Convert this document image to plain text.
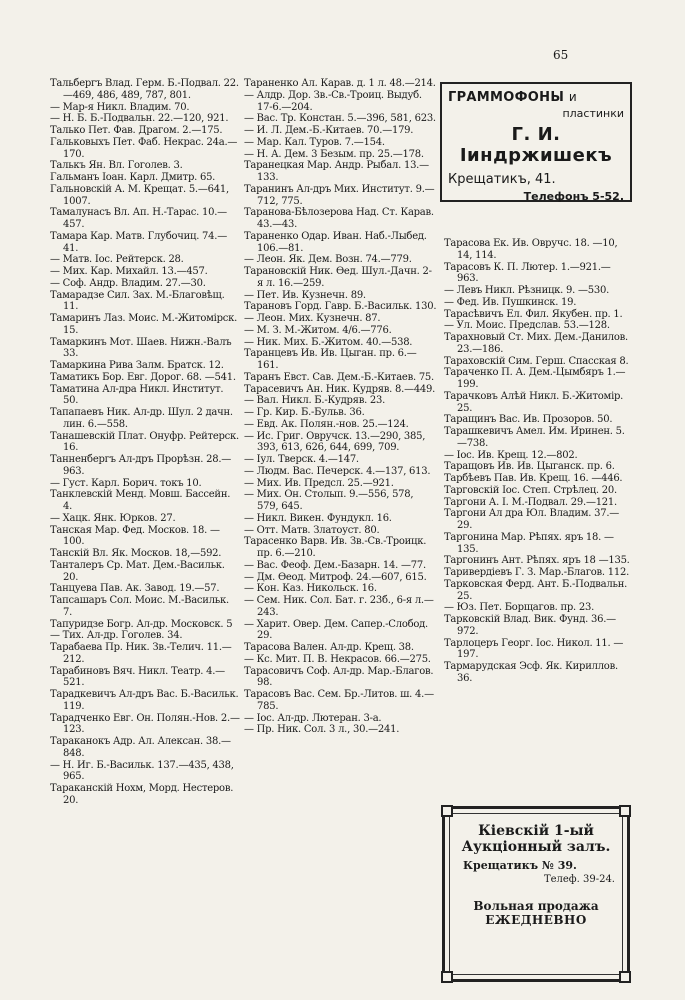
65
Тальбергъ Влад. Герм. Б.-Подвал. 22.—469, 486, 489, 787, 801.
— Мар-я Никл. Владим. 70.
— Н. Б. Б.-Подвальн. 22.—120, 921.
Талько Пет. Фав. Драгом. 2.—175.
Гальковыхъ Пет. Фаб. Некрас. 24а.—170.
Талькъ Ян. Вл. Гоголев. 3.
Гальманъ Іоан. Карл. Дмитр. 65.
Гальновскій А. М. Крещат. 5.—641, 1007.
Тамалунасъ Вл. Ап. Н.-Тарас. 10.—457.
Тамара Кар. Матв. Глубочиц. 74.—41.
— Матв. Іос. Рейтерск. 28.
— Мих. Кар. Михайл. 13.—457.
— Соф. Андр. Владим. 27.—30.
Тамарадзе Сил. Зах. М.-Благовѣщ. 11.
Тамаринъ Лаз. Моис. М.-Житомірск. 15.
Тамаркинъ Мот. Шаев. Нижн.-Валъ 33.
Тамаркина Рива Залм. Братск. 12.
Таматикъ Бор. Евг. Дорог. 68. —541.
Таматина Ал-дра Никл. Институт. 50.
Тапапаевъ Ник. Ал-др. Шул. 2 дачн. лин. 6.—558.
Танашевскій Плат. Онуфр. Рейтерск. 16.
Танненбергъ Ал-дръ Прорѣзн. 28.—963.
— Густ. Карл. Борич. токъ 10.
Танклевскій Менд. Мовш. Бассейн. 4.
— Хацк. Янк. Юрков. 27.
Танская Мар. Фед. Москов. 18. —100.
Танскій Вл. Як. Москов. 18,—592.
Танталеръ Ср. Мат. Дем.-Васильк. 20.
Танцуева Пав. Ак. Завод. 19.—57.
Тапсашаръ Сол. Моис. М.-Васильк. 7.
Тапуридзе Богр. Ал-др. Московск. 5
— Тих. Ал-др. Гоголев. 34.
Тарабаева Пр. Ник. Зв.-Телич. 11.—212.
Тарабиновъ Вяч. Никл. Театр. 4.—521.
Тарадкевичъ Ал-дръ Вас. Б.-Васильк. 119.
Тарадченко Евг. Он. Полян.-Нов. 2.—123.
Тараканокъ Адр. Ал. Алексан. 38.—848.
— Н. Иг. Б.-Васильк. 137.—435, 438, 965.
Тараканскій Нохм, Морд. Нестеров. 20.
Тараненко Ал. Карав. д. 1 л. 48.—214.
— Алдр. Дор. Зв.-Св.-Троиц. Выдуб. 17-6.—204.
— Вас. Тр. Констан. 5.—396, 581, 623.
— И. Л. Дем.-Б.-Китаев. 70.—179.
— Мар. Кал. Туров. 7.—154.
— Н. А. Дем. 3 Безым. пр. 25.—178.
Таранецкая Мар. Андр. Рыбал. 13.—133.
Таранинъ Ал-дръ Мих. Институт. 9.—712, 775.
Таранова-Бѣлозерова Над. Ст. Карав. 43.—43.
Тараненко Одар. Иван. Наб.-Лыбед. 106.—81.
— Леон. Як. Дем. Возн. 74.—779.
Тарановскій Ник. Ѳед. Шул.-Дачн. 2-я л. 16.—259.
— Пет. Ив. Кузнечн. 89.
Тарановъ Горд. Гавр. Б.-Васильк. 130.
— Леон. Мих. Кузнечн. 87.
— М. З. М.-Житом. 4/6.—776.
— Ник. Мих. Б.-Житом. 40.—538.
Таранцевъ Ив. Ив. Цыган. пр. 6.—161.
Таранъ Евст. Сав. Дем.-Б.-Китаев. 75.
Тарасевичъ Ан. Ник. Кудряв. 8.—449.
— Вал. Никл. Б.-Кудряв. 23.
— Гр. Кир. Б.-Бульв. 36.
— Евд. Ак. Полян.-нов. 25.—124.
— Ис. Григ. Овручск. 13.—290, 385, 393, 613, 626, 644, 699, 709.
— Іул. Тверск. 4.—147.
— Людм. Вас. Печерск. 4.—137, 613.
— Мих. Ив. Предсл. 25.—921.
— Мих. Он. Столып. 9.—556, 578, 579, 645.
— Никл. Викен. Фундукл. 16.
— Отт. Матв. Златоуст. 80.
Тарасенко Варв. Ив. Зв.-Св.-Троицк. пр. 6.—210.
— Вас. Феоф. Дем.-Базарн. 14. —77.
— Дм. Ѳеод. Митроф. 24.—607, 615.
— Кон. Каз. Никольск. 16.
— Сем. Ник. Сол. Бат. г. 23б., 6-я л.—243.
— Харит. Овер. Дем. Сапер.-Слобод. 29.
Тарасова Вален. Ал-др. Крещ. 38.
— Кс. Мит. П. В. Некрасов. 66.—275.
Тарасовичъ Соф. Ал-др. Мар.-Благов. 98.
Тарасовъ Вас. Сем. Бр.-Литов. ш. 4.—785.
— Іос. Ал-др. Лютеран. 3-а.
— Пр. Ник. Сол. 3 л., 30.—241.
ГРАММОФОНЫ и
пластинки
Г. И. Іиндржишекъ
Крещатикъ, 41.
Телефонъ 5-52.
Тарасова Ек. Ив. Овручс. 18. —10, 14, 114.
Тарасовъ К. П. Лютер. 1.—921.—963.
— Левъ Никл. Рѣзницк. 9. —530.
— Фед. Ив. Пушкинск. 19.
Тарасѣвичъ Ел. Фил. Якубен. пр. 1.
— Ул. Моис. Предслав. 53.—128.
Тарахновый Ст. Мих. Дем.-Данилов. 23.—186.
Тараховскій Сим. Герш. Спасская 8.
Тараченко П. А. Дем.-Цымбяръ 1.—199.
Тарачковъ Алѣй Никл. Б.-Житомір. 25.
Таращинъ Вас. Ив. Прозоров. 50.
Тарашкевичъ Амел. Им. Иринен. 5.—738.
— Іос. Ив. Крещ. 12.—802.
Таращовъ Ив. Ив. Цыганск. пр. 6.
Тарбѣевъ Пав. Ив. Крещ. 16. —446.
Тарговскій Іос. Степ. Стрѣлец. 20.
Таргони А. І. М.-Подвал. 29.—121.
Таргони Ал дра Юл. Владим. 37.—29.
Таргонина Мар. Рѣпях. яръ 18. —135.
Таргонинъ Ант. Рѣпях. яръ 18 —135.
Таривердіевъ Г. З. Мар.-Благов. 112.
Тарковская Ферд. Ант. Б.-Подвальн. 25.
— Юз. Пет. Борщагов. пр. 23.
Тарковскій Влад. Вик. Фунд. 36.—972.
Тарлоцеръ Георг. Іос. Никол. 11. —197.
Тармарудская Эсф. Як. Кириллов. 36.
Кіевскій 1-ый
Аукціонный залъ.
Крещатикъ № 39.
Телеф. 39-24.
Вольная продажа
ЕЖЕДНЕВНО
